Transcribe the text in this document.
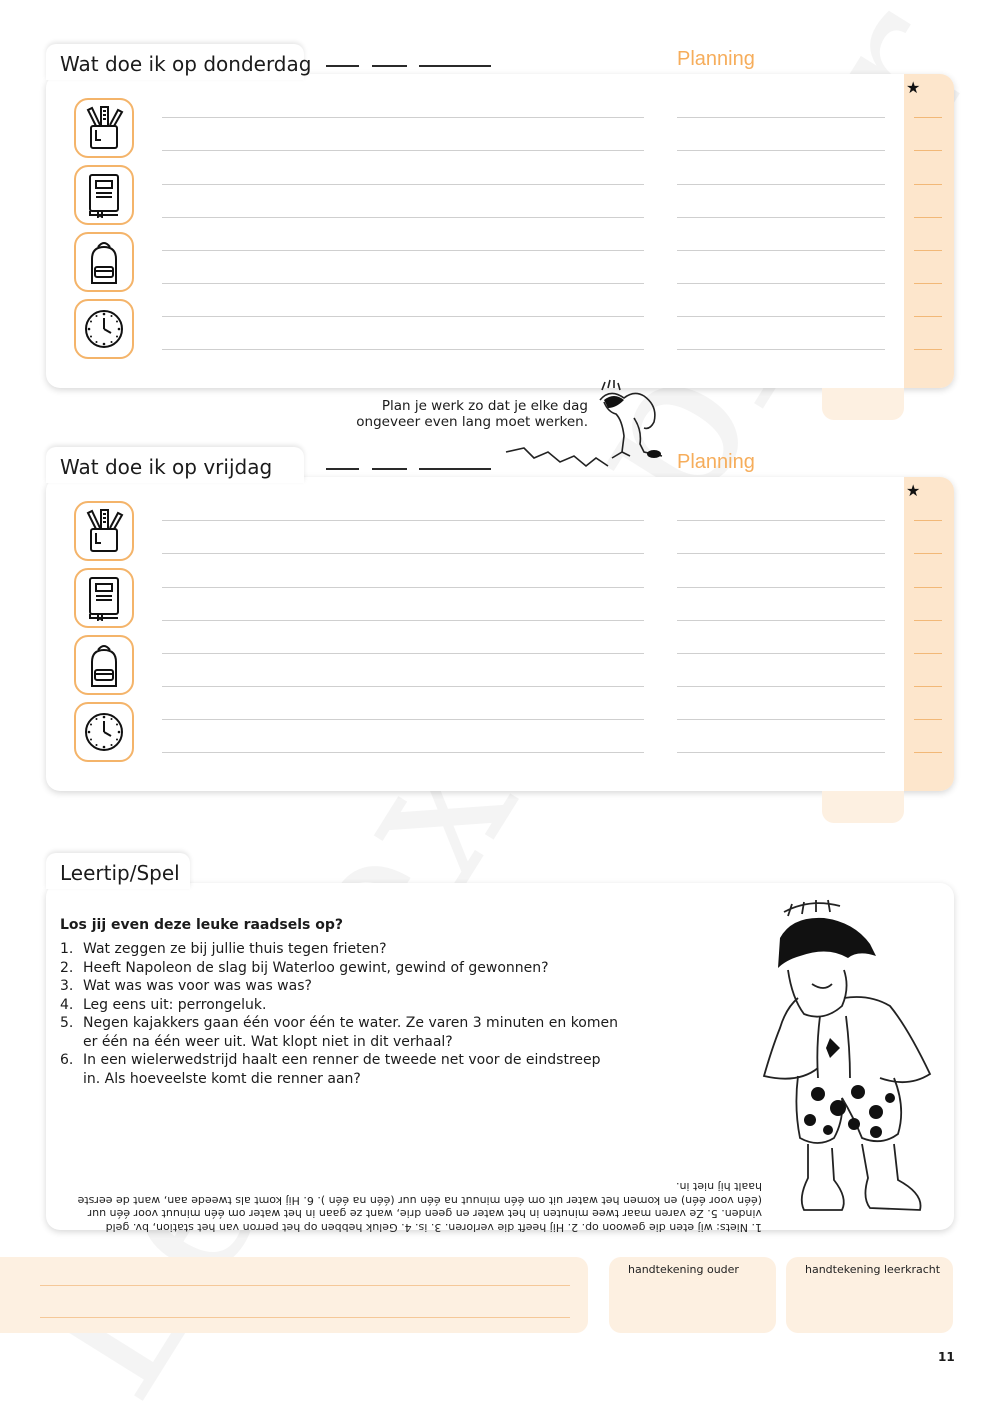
Wat doe ik op donderdag	Planning
★
Plan je werk zo dat je elke dag ongeveer even lang moet werken.
Wat doe ik op vrijdag	Planning
★
Leertip/Spel
Los jij even deze leuke raadsels op?
1. Wat zeggen ze bij jullie thuis tegen frieten?
2. Heeft Napoleon de slag bij Waterloo gewint, gewind of gewonnen?
3. Wat was was voor was was was?
4. Leg eens uit: perrongeluk.
5. Negen kajakkers gaan één voor één te water. Ze varen 3 minuten en komen er één na één weer uit. Wat klopt niet in dit verhaal?
6. In een wielerwedstrijd haalt een renner de tweede net voor de eindstreep in. Als hoeveelste komt die renner aan?
1. Niets: wij eten die gewoon op. 2. Hij heeft die verloren. 3. is. 4. Geluk hebben op het perron van het station, bv. geld vinden. 5. Ze varen maar twee minuten in het water en geen drie, want ze gaan in het water om één minuut voor één uur (één voor één) en komen het water uit om één minuut na één uur (één na één ). 6. Hij komt als tweede aan, want de eerste haalt hij niet in.
handtekening ouder	handtekening leerkracht
11
